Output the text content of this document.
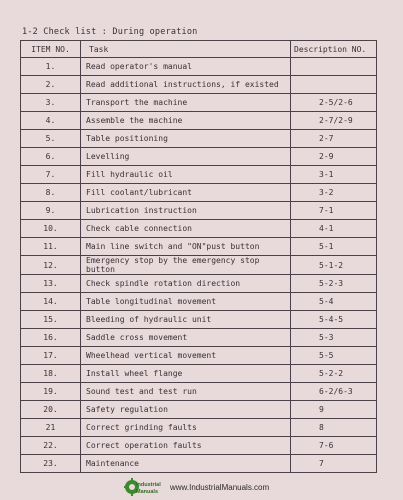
1-2 Check list : During operation
ITEM NO.	Task	Description NO.
1.	Read operator's manual	
2.	Read additional instructions, if existed	
3.	Transport the machine	2-5/2-6
4.	Assemble the machine	2-7/2-9
5.	Table positioning	2-7
6.	Levelling	2-9
7.	Fill hydraulic oil	3-1
8.	Fill coolant/lubricant	3-2
9.	Lubrication instruction	7-1
10.	Check cable connection	4-1
11.	Main line switch and "ON"pust button	5-1
12.	Emergency stop by the emergency stop button	5-1-2
13.	Check spindle rotation direction	5-2-3
14.	Table longitudinal movement	5-4
15.	Bleeding of hydraulic unit	5-4-5
16.	Saddle cross movement	5-3
17.	Wheelhead vertical movement	5-5
18.	Install wheel flange	5-2-2
19.	Sound test and test run	6-2/6-3
20.	Safety regulation	9
21	Correct grinding faults	8
22.	Correct operation faults	7-6
23.	Maintenance	7
Industrial
Manuals
www.IndustrialManuals.com
